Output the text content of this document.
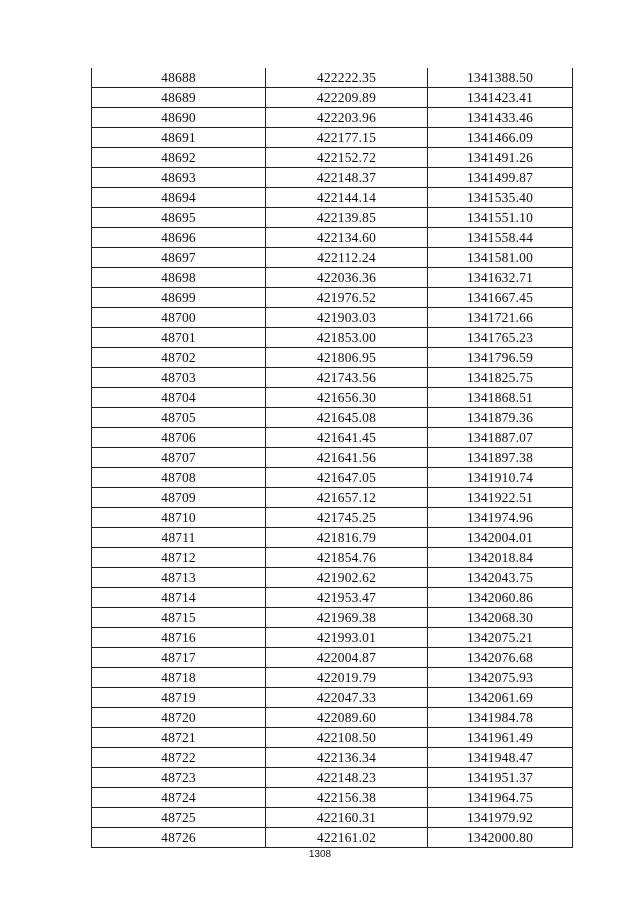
48688	422222.35	1341388.50
48689	422209.89	1341423.41
48690	422203.96	1341433.46
48691	422177.15	1341466.09
48692	422152.72	1341491.26
48693	422148.37	1341499.87
48694	422144.14	1341535.40
48695	422139.85	1341551.10
48696	422134.60	1341558.44
48697	422112.24	1341581.00
48698	422036.36	1341632.71
48699	421976.52	1341667.45
48700	421903.03	1341721.66
48701	421853.00	1341765.23
48702	421806.95	1341796.59
48703	421743.56	1341825.75
48704	421656.30	1341868.51
48705	421645.08	1341879.36
48706	421641.45	1341887.07
48707	421641.56	1341897.38
48708	421647.05	1341910.74
48709	421657.12	1341922.51
48710	421745.25	1341974.96
48711	421816.79	1342004.01
48712	421854.76	1342018.84
48713	421902.62	1342043.75
48714	421953.47	1342060.86
48715	421969.38	1342068.30
48716	421993.01	1342075.21
48717	422004.87	1342076.68
48718	422019.79	1342075.93
48719	422047.33	1342061.69
48720	422089.60	1341984.78
48721	422108.50	1341961.49
48722	422136.34	1341948.47
48723	422148.23	1341951.37
48724	422156.38	1341964.75
48725	422160.31	1341979.92
48726	422161.02	1342000.80
1308
